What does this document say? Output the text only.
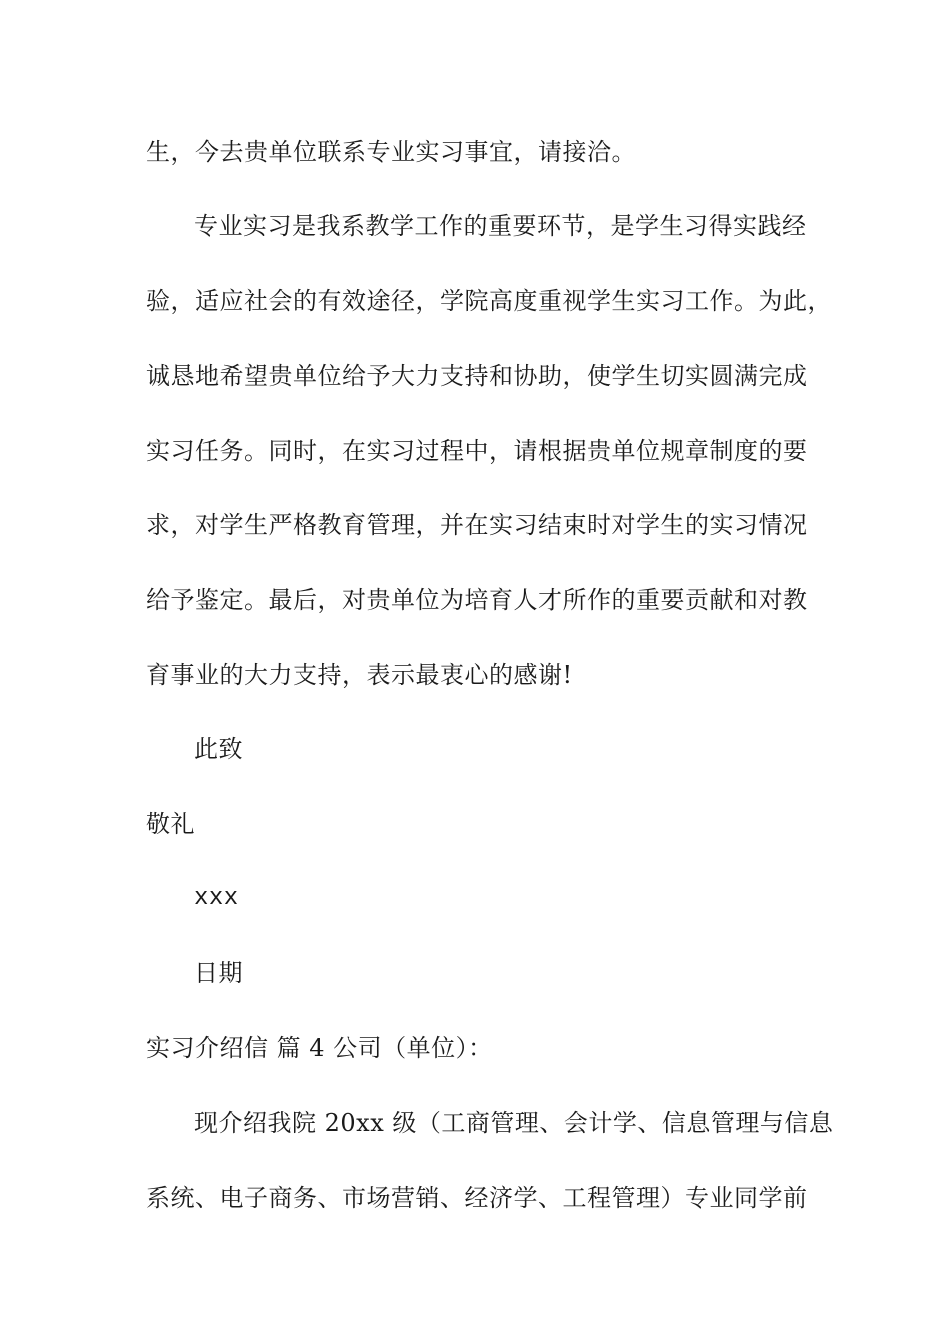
生，今去贵单位联系专业实习事宜，请接洽。
专业实习是我系教学工作的重要环节，是学生习得实践经
验，适应社会的有效途径，学院高度重视学生实习工作。为此，
诚恳地希望贵单位给予大力支持和协助，使学生切实圆满完成
实习任务。同时，在实习过程中，请根据贵单位规章制度的要
求，对学生严格教育管理，并在实习结束时对学生的实习情况
给予鉴定。最后，对贵单位为培育人才所作的重要贡献和对教
育事业的大力支持，表示最衷心的感谢!
此致
敬礼
xxx
日期
实习介绍信 篇 4 公司（单位）：
现介绍我院 20xx 级（工商管理、会计学、信息管理与信息
系统、电子商务、市场营销、经济学、工程管理）专业同学前
